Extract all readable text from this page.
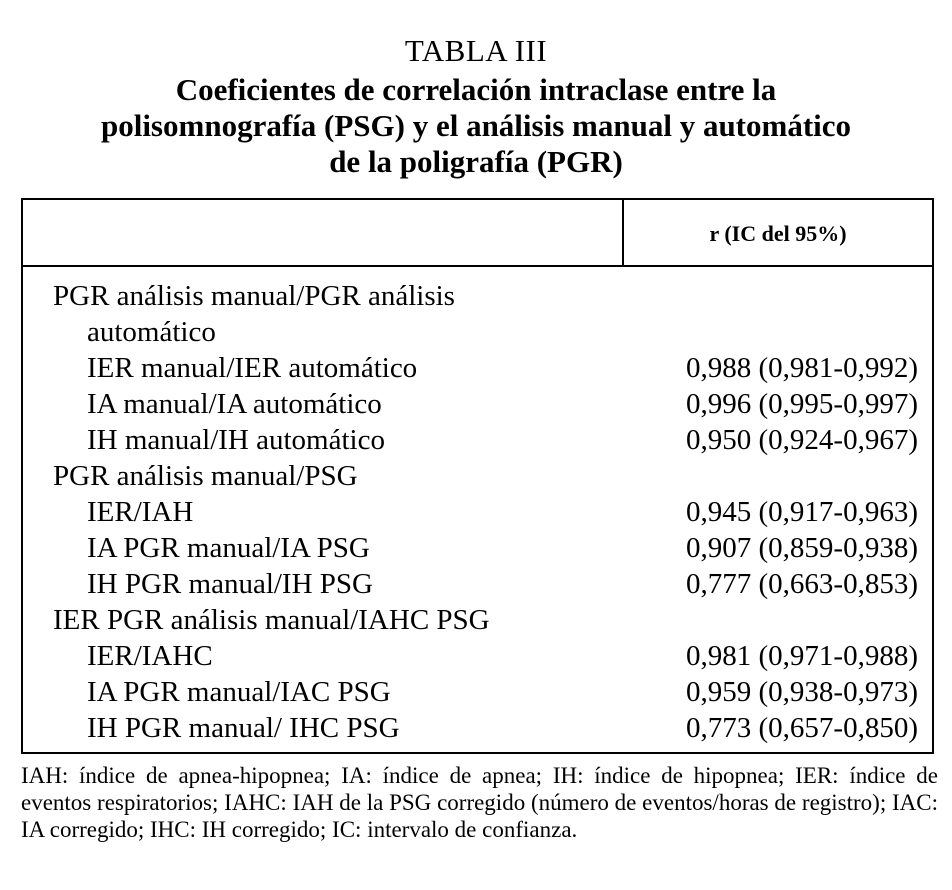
TABLA III
Coeficientes de correlación intraclase entre la
polisomnografía (PSG) y el análisis manual y automático
de la poligrafía (PGR)
r (IC del 95%)
PGR análisis manual/PGR análisis
automático
IER manual/IER automático	0,988 (0,981-0,992)
IA manual/IA automático	0,996 (0,995-0,997)
IH manual/IH automático	0,950 (0,924-0,967)
PGR análisis manual/PSG
IER/IAH	0,945 (0,917-0,963)
IA PGR manual/IA PSG	0,907 (0,859-0,938)
IH PGR manual/IH PSG	0,777 (0,663-0,853)
IER PGR análisis manual/IAHC PSG
IER/IAHC	0,981 (0,971-0,988)
IA PGR manual/IAC PSG	0,959 (0,938-0,973)
IH PGR manual/ IHC PSG	0,773 (0,657-0,850)
IAH: índice de apnea-hipopnea; IA: índice de apnea; IH: índice de hipopnea; IER: índice de eventos respiratorios; IAHC: IAH de la PSG corregido (número de eventos/horas de registro); IAC: IA corregido; IHC: IH corregido; IC: intervalo de confianza.
